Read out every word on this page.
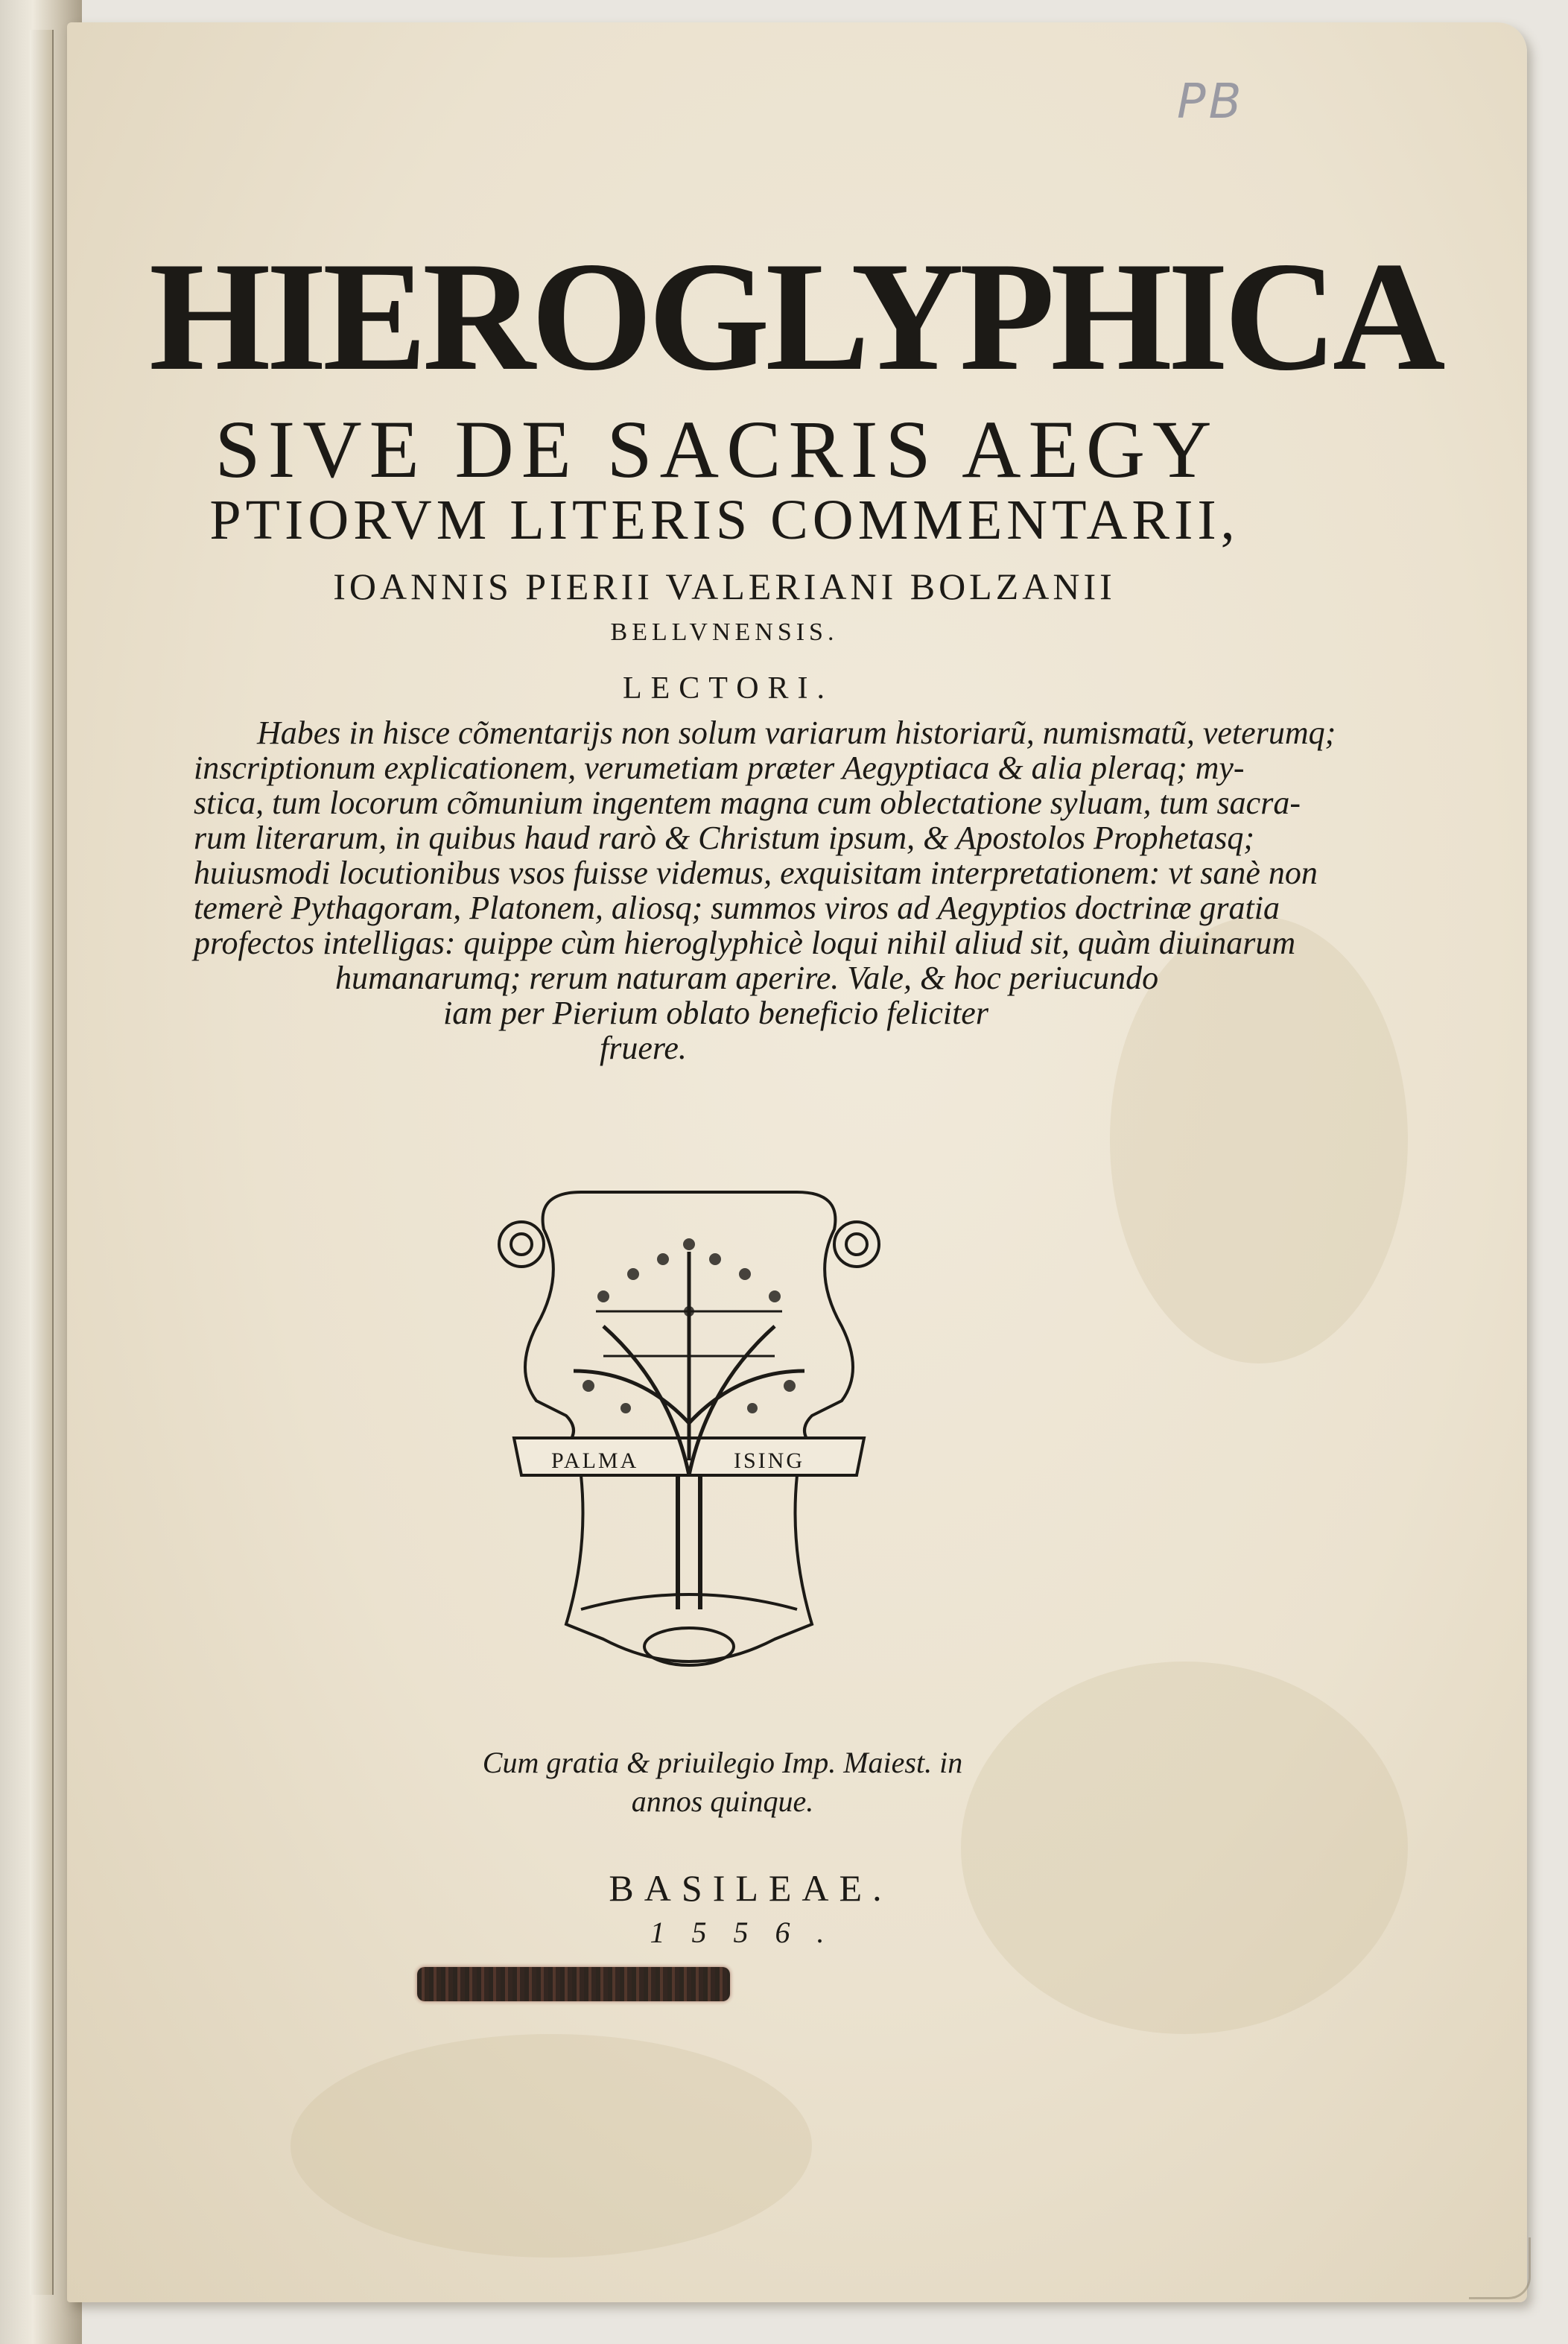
PB
HIEROGLYPHICA
SIVE DE SACRIS AEGY
PTIORVM LITERIS COMMENTARII,
IOANNIS PIERII VALERIANI BOLZANII
BELLVNENSIS.
LECTORI.
Habes in hisce cõmentarijs non solum variarum historiarũ, numismatũ, veterumq;
inscriptionum explicationem, verumetiam præter Aegyptiaca & alia pleraq; my-
stica, tum locorum cõmunium ingentem magna cum oblectatione syluam, tum sacra-
rum literarum, in quibus haud rarò & Christum ipsum, & Apostolos Prophetasq;
huiusmodi locutionibus vsos fuisse videmus, exquisitam interpretationem: vt sanè non
temerè Pythagoram, Platonem, aliosq; summos viros ad Aegyptios doctrinæ gratia
profectos intelligas: quippe cùm hieroglyphicè loqui nihil aliud sit, quàm diuinarum
humanarumq; rerum naturam aperire. Vale, & hoc periucundo
iam per Pierium oblato beneficio feliciter
fruere.
PALMA	ISING
Cum gratia & priuilegio Imp. Maiest. in
annos quinque.
BASILEAE.
1556.
